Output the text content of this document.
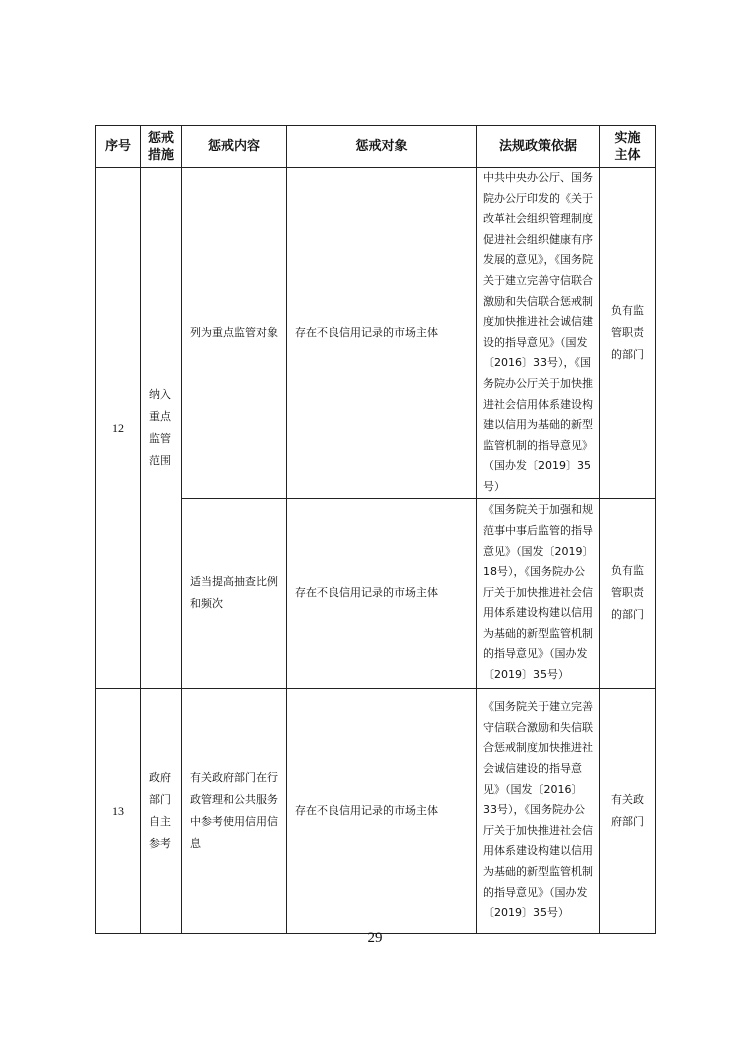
序号	惩戒措施	惩戒内容	惩戒对象	法规政策依据	实施主体
12	纳入重点监管范围	列为重点监管对象	存在不良信用记录的市场主体	中共中央办公厅、国务院办公厅印发的《关于改革社会组织管理制度促进社会组织健康有序发展的意见》，《国务院关于建立完善守信联合激励和失信联合惩戒制度加快推进社会诚信建设的指导意见》（国发〔2016〕33号），《国务院办公厅关于加快推进社会信用体系建设构建以信用为基础的新型监管机制的指导意见》（国办发〔2019〕35号）	负有监管职责的部门
		适当提高抽查比例和频次	存在不良信用记录的市场主体	《国务院关于加强和规范事中事后监管的指导意见》（国发〔2019〕18号），《国务院办公厅关于加快推进社会信用体系建设构建以信用为基础的新型监管机制的指导意见》（国办发〔2019〕35号）	负有监管职责的部门
13	政府部门自主参考	有关政府部门在行政管理和公共服务中参考使用信用信息	存在不良信用记录的市场主体	《国务院关于建立完善守信联合激励和失信联合惩戒制度加快推进社会诚信建设的指导意见》（国发〔2016〕33号），《国务院办公厅关于加快推进社会信用体系建设构建以信用为基础的新型监管机制的指导意见》（国办发〔2019〕35号）	有关政府部门
29
